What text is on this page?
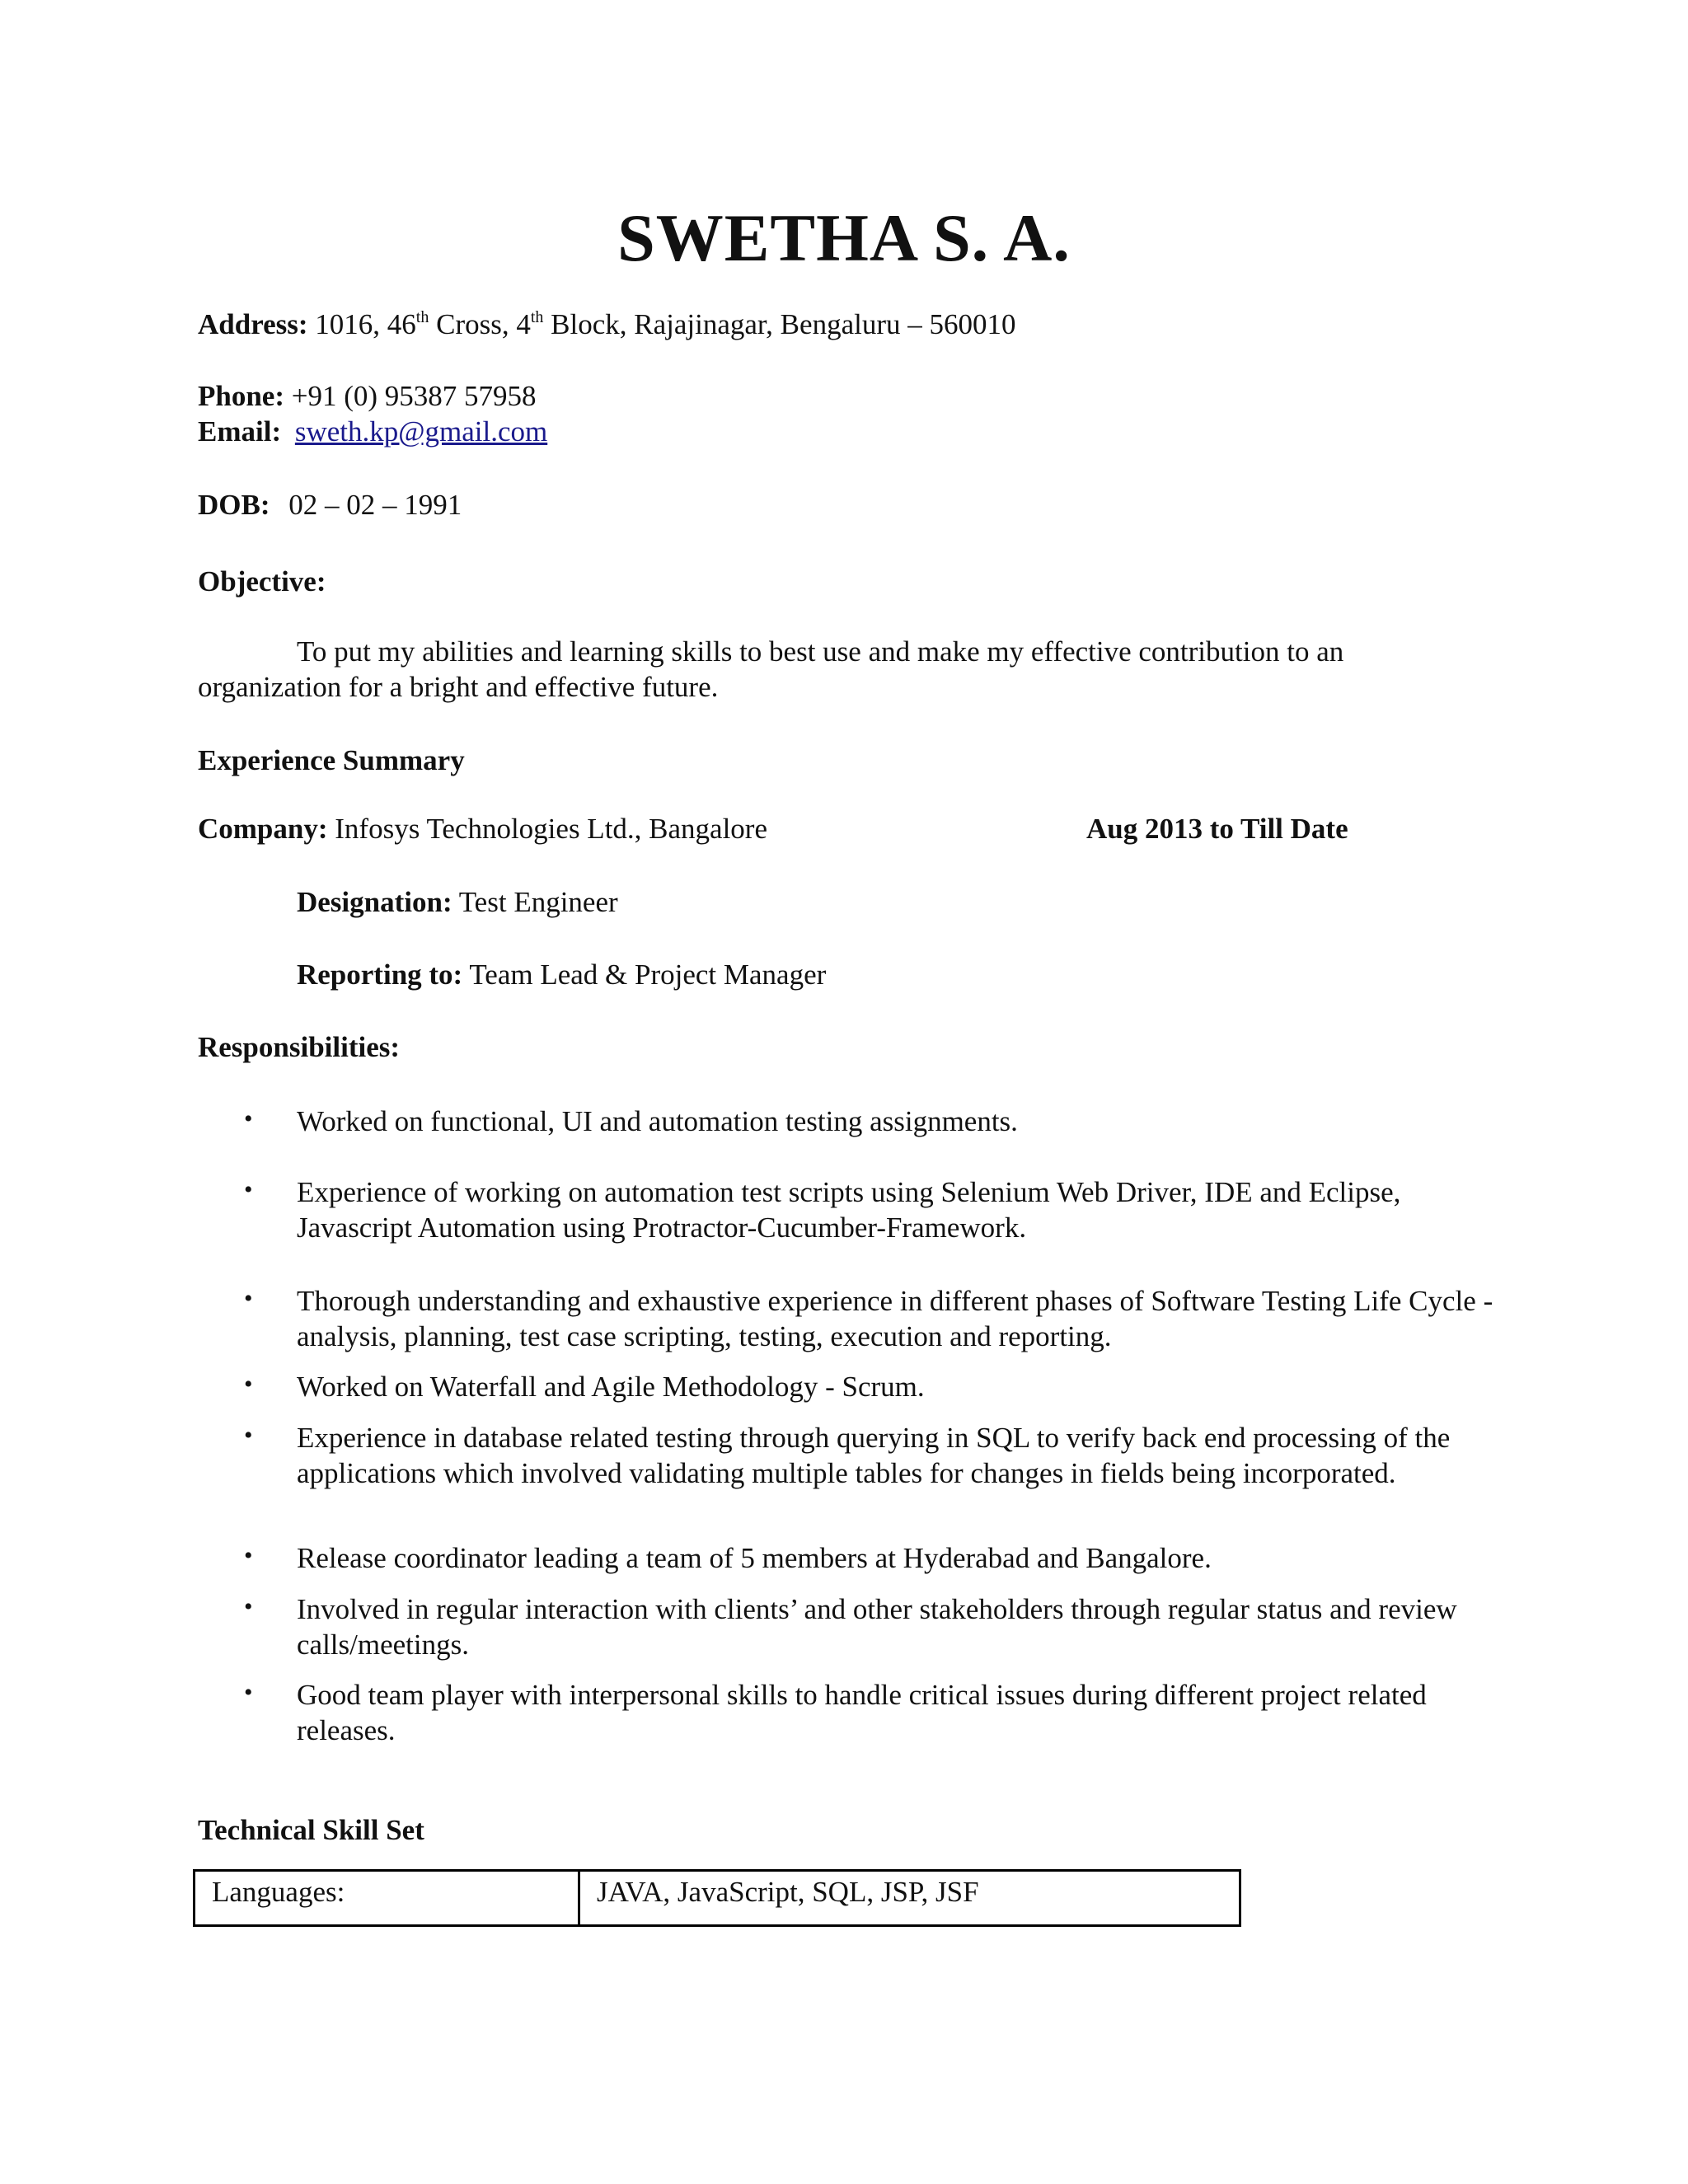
SWETHA S. A.
Address: 1016, 46th Cross, 4th Block, Rajajinagar, Bengaluru – 560010
Phone: +91 (0) 95387 57958
Email: sweth.kp@gmail.com
DOB: 02 – 02 – 1991
Objective:
To put my abilities and learning skills to best use and make my effective contribution to an organization for a bright and effective future.
Experience Summary
Company: Infosys Technologies Ltd., Bangalore	Aug 2013 to Till Date
Designation: Test Engineer
Reporting to: Team Lead & Project Manager
Responsibilities:
• Worked on functional, UI and automation testing assignments.
• Experience of working on automation test scripts using Selenium Web Driver, IDE and Eclipse, Javascript Automation using Protractor-Cucumber-Framework.
• Thorough understanding and exhaustive experience in different phases of Software Testing Life Cycle - analysis, planning, test case scripting, testing, execution and reporting.
• Worked on Waterfall and Agile Methodology - Scrum.
• Experience in database related testing through querying in SQL to verify back end processing of the applications which involved validating multiple tables for changes in fields being incorporated.
• Release coordinator leading a team of 5 members at Hyderabad and Bangalore.
• Involved in regular interaction with clients’ and other stakeholders through regular status and review calls/meetings.
• Good team player with interpersonal skills to handle critical issues during different project related releases.
Technical Skill Set
Languages:	JAVA, JavaScript, SQL, JSP, JSF
